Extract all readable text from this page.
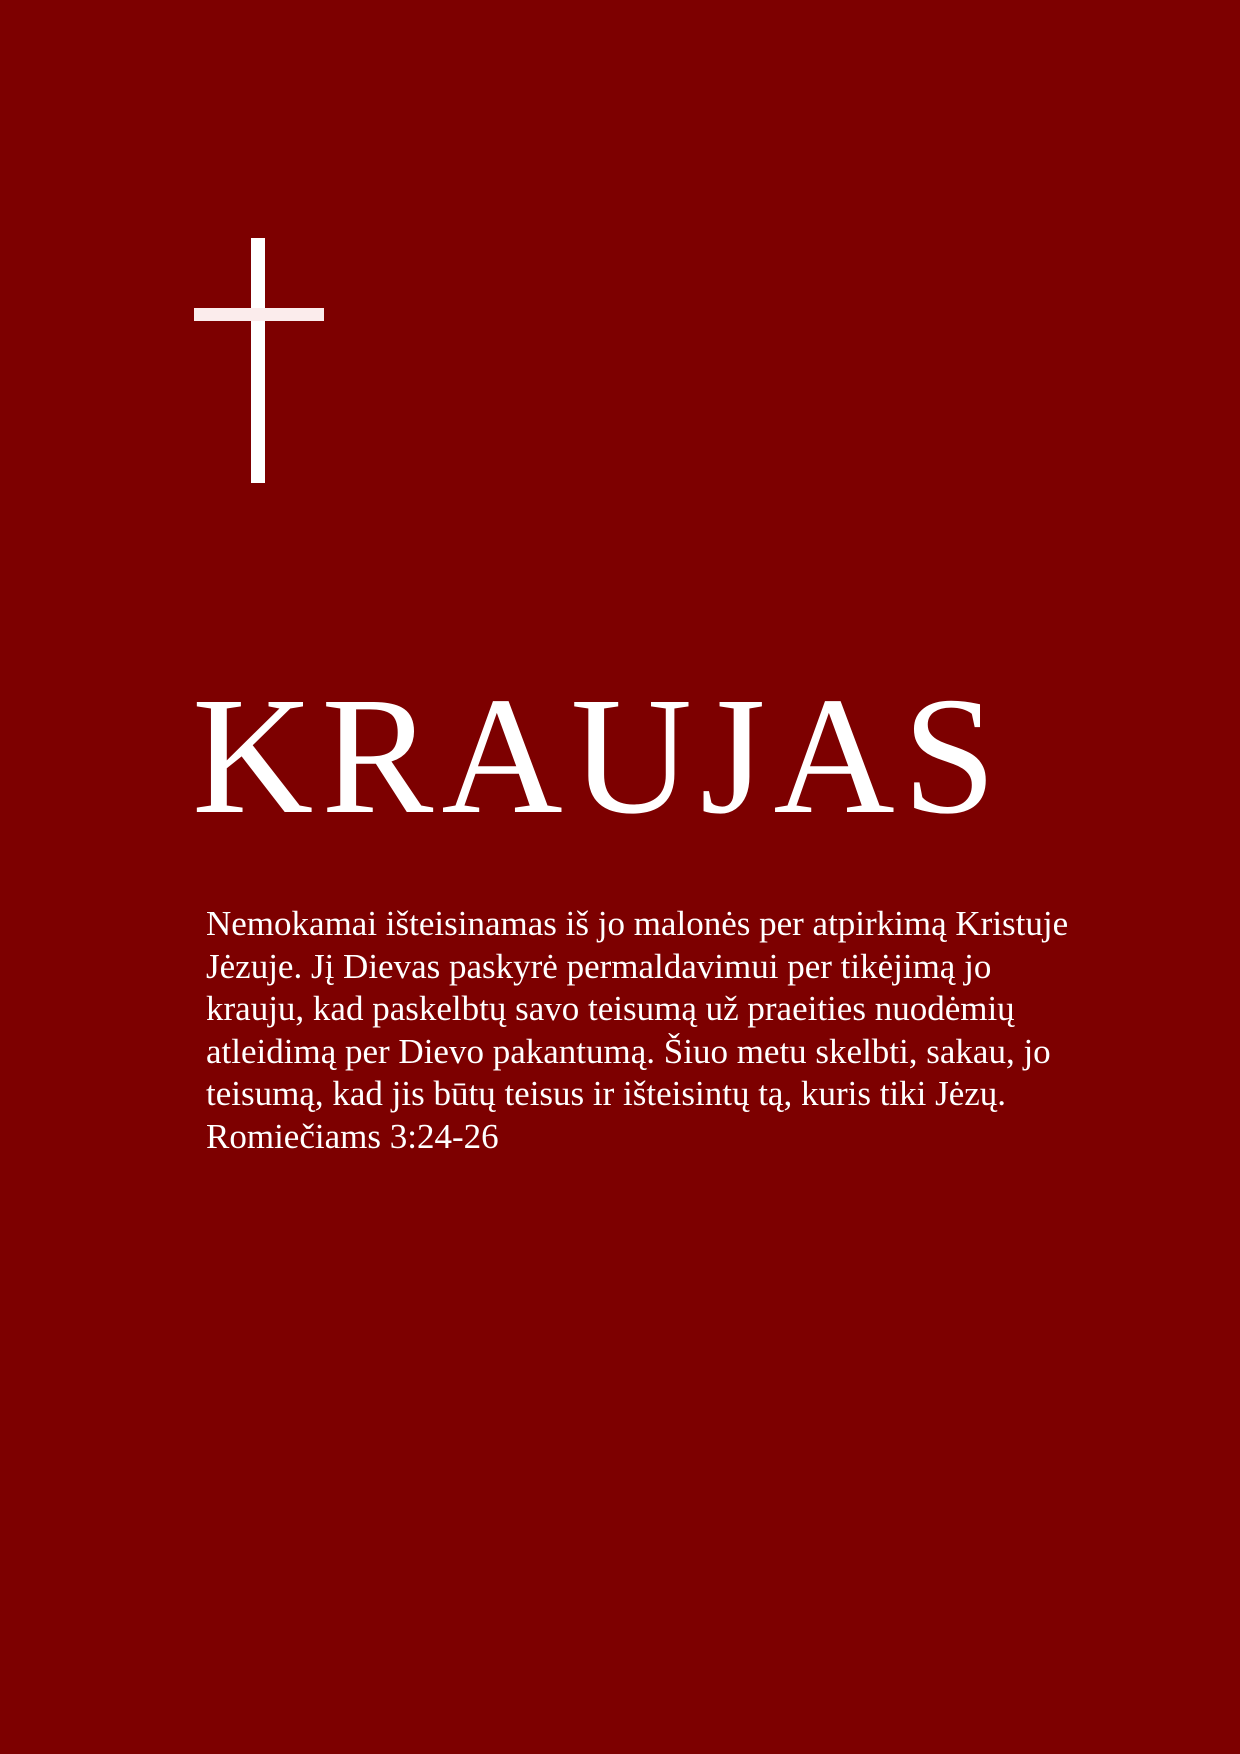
KRAUJAS

Nemokamai išteisinamas iš jo malonės per atpirkimą Kristuje Jėzuje. Jį Dievas paskyrė permaldavimui per tikėjimą jo krauju, kad paskelbtų savo teisumą už praeities nuodėmių atleidimą per Dievo pakantumą. Šiuo metu skelbti, sakau, jo teisumą, kad jis būtų teisus ir išteisintų tą, kuris tiki Jėzų. Romiečiams 3:24-26
